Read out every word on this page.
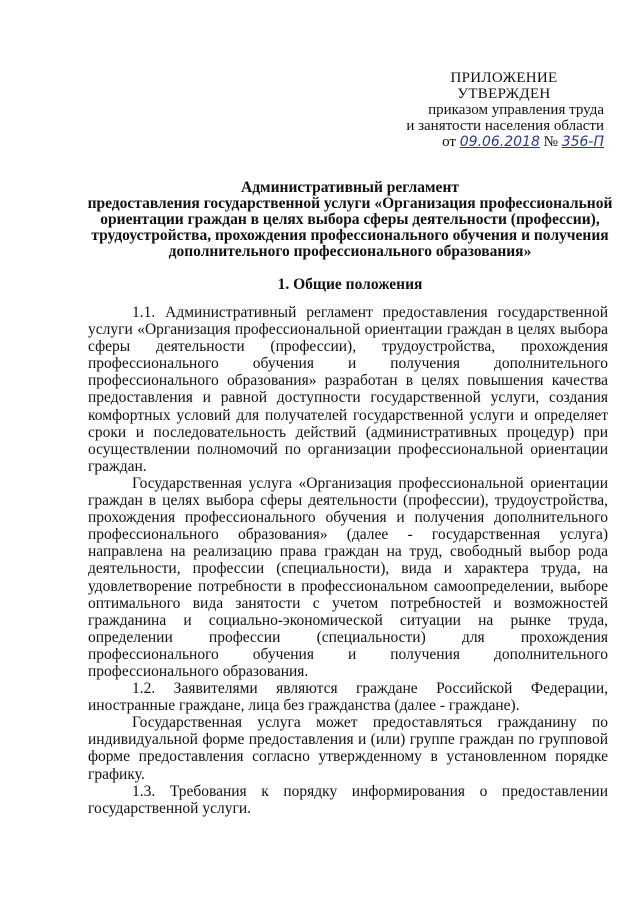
ПРИЛОЖЕНИЕ
УТВЕРЖДЕН
приказом управления труда
и занятости населения области
от 09.06.2018 № 356-П
Административный регламент
предоставления государственной услуги «Организация профессиональной ориентации граждан в целях выбора сферы деятельности (профессии), трудоустройства, прохождения профессионального обучения и получения дополнительного профессионального образования»
1. Общие положения

1.1. Административный регламент предоставления государственной услуги «Организация профессиональной ориентации граждан в целях выбора сферы деятельности (профессии), трудоустройства, прохождения профессионального обучения и получения дополнительного профессионального образования» разработан в целях повышения качества предоставления и равной доступности государственной услуги, создания комфортных условий для получателей государственной услуги и определяет сроки и последовательность действий (административных процедур) при осуществлении полномочий по организации профессиональной ориентации граждан.

Государственная услуга «Организация профессиональной ориентации граждан в целях выбора сферы деятельности (профессии), трудоустройства, прохождения профессионального обучения и получения дополнительного профессионального образования» (далее - государственная услуга) направлена на реализацию права граждан на труд, свободный выбор рода деятельности, профессии (специальности), вида и характера труда, на удовлетворение потребности в профессиональном самоопределении, выборе оптимального вида занятости с учетом потребностей и возможностей гражданина и социально-экономической ситуации на рынке труда, определении профессии (специальности) для прохождения профессионального обучения и получения дополнительного профессионального образования.

1.2. Заявителями являются граждане Российской Федерации, иностранные граждане, лица без гражданства (далее - граждане).

Государственная услуга может предоставляться гражданину по индивидуальной форме предоставления и (или) группе граждан по групповой форме предоставления согласно утвержденному в установленном порядке графику.

1.3. Требования к порядку информирования о предоставлении государственной услуги.
